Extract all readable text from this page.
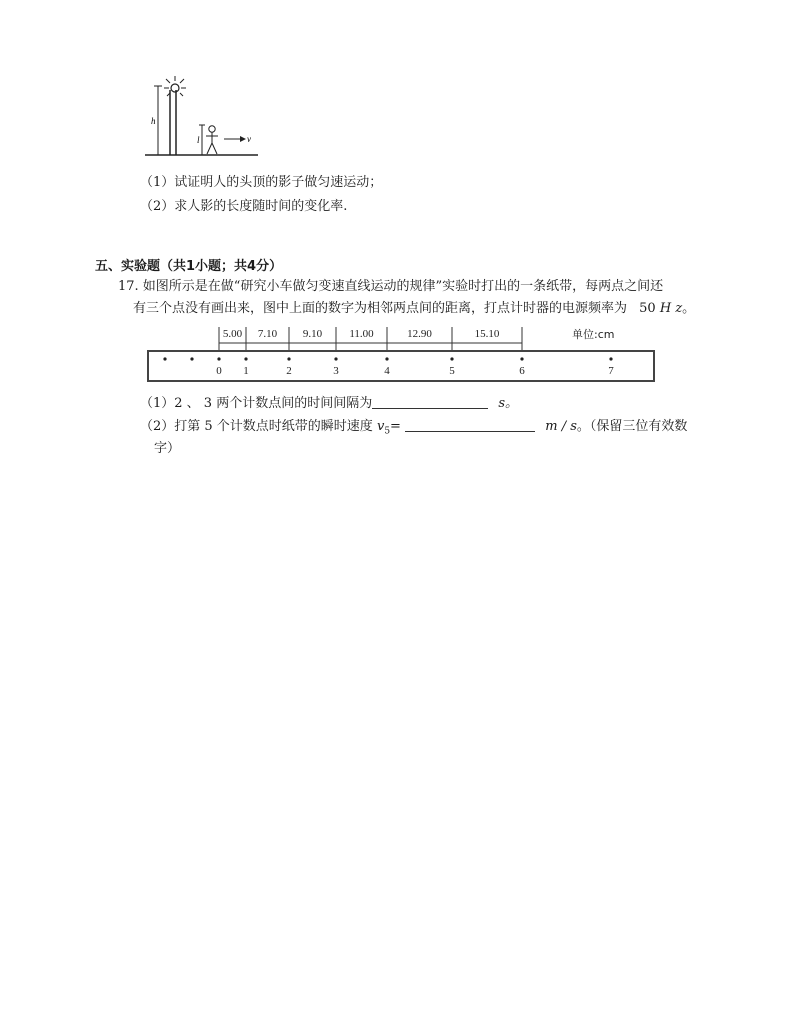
h
l	v
（1）试证明人的头顶的影子做匀速运动；
（2）求人影的长度随时间的变化率.
五、实验题（共1小题；共4分）
17. 如图所示是在做“研究小车做匀变速直线运动的规律”实验时打出的一条纸带，每两点之间还
有三个点没有画出来，图中上面的数字为相邻两点间的距离，打点计时器的电源频率为 50 H z。
5.00 7.10 9.10 11.00	12.90	15.10	单位:cm
0 1	2	3	4	5	6	7
（1）2 、 3 两个计数点间的时间间隔为	s。
（2）打第 5 个计数点时纸带的瞬时速度 $v_5=$	m / s。（保留三位有效数
字）
